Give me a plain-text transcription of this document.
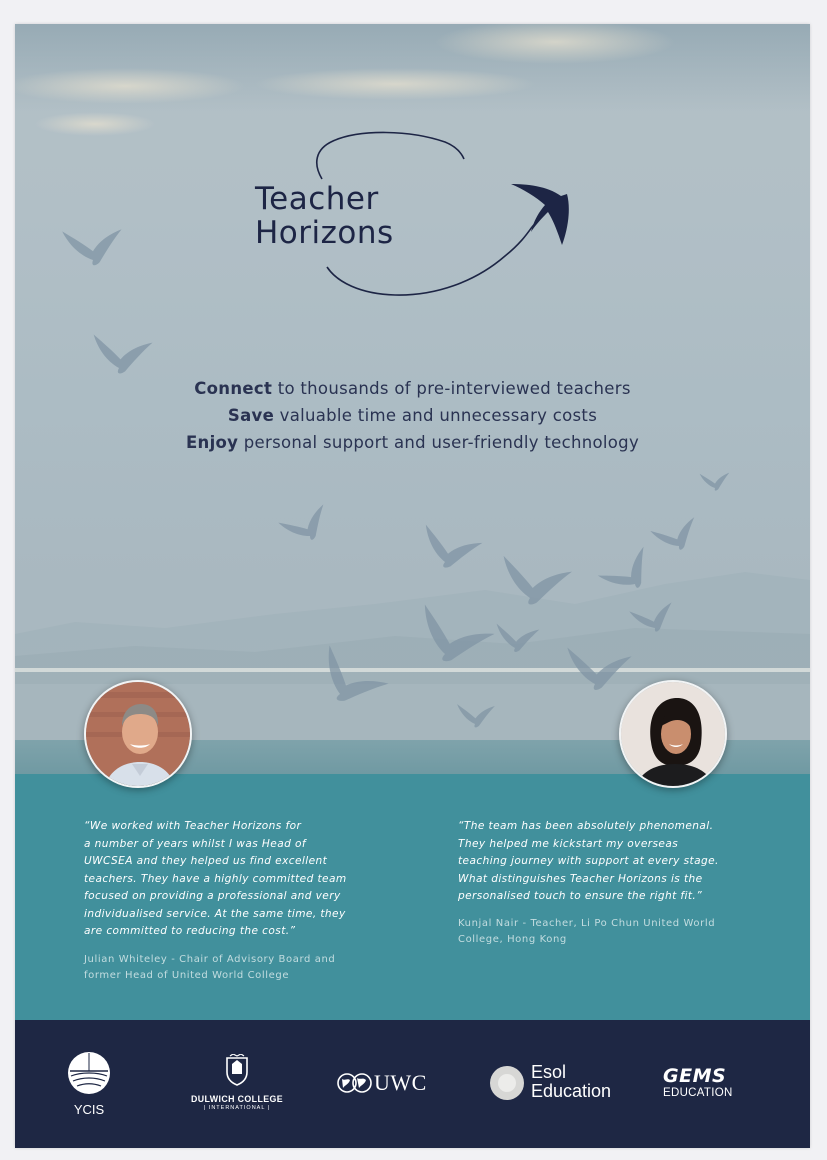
Teacher
Horizons
Connect to thousands of pre-interviewed teachers
Save valuable time and unnecessary costs
Enjoy personal support and user-friendly technology
“We worked with Teacher Horizons for
a number of years whilst I was Head of
UWCSEA and they helped us find excellent
teachers. They have a highly committed team
focused on providing a professional and very
individualised service. At the same time, they
are committed to reducing the cost.”
Julian Whiteley - Chair of Advisory Board and
former Head of United World College
“The team has been absolutely phenomenal.
They helped me kickstart my overseas
teaching journey with support at every stage.
What distinguishes Teacher Horizons is the
personalised touch to ensure the right fit.”
Kunjal Nair - Teacher, Li Po Chun United World
College, Hong Kong
YCIS
DULWICH COLLEGE
| INTERNATIONAL |
UWC	Esol
Education
GEMS
EDUCATION
